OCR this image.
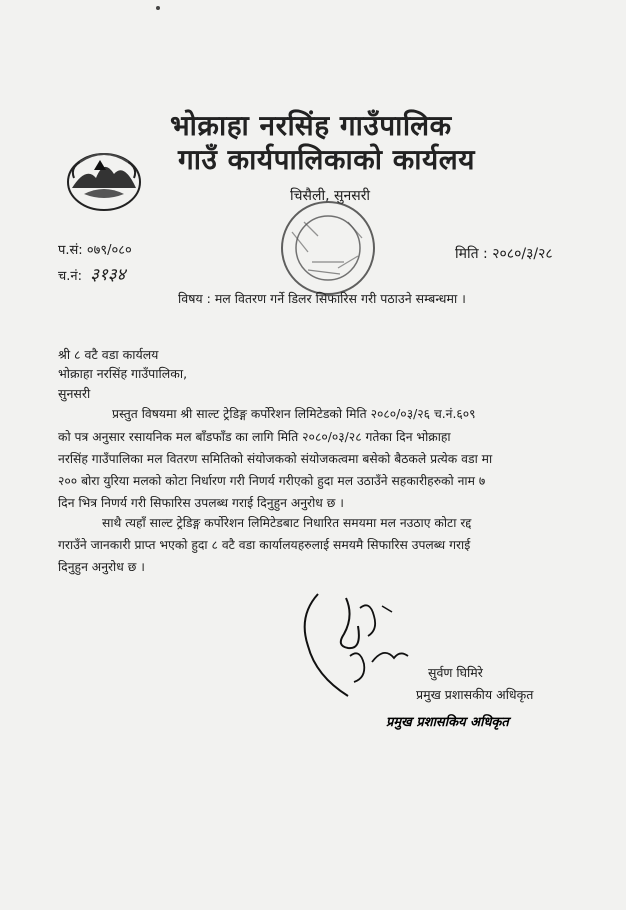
भोक्राहा नरसिंह गाउँपालिक
गाउँ कार्यपालिकाको कार्यलय
चिसैली, सुनसरी
प.सं: ०७९/०८०
च.नं: ३१३४
मिति : २०८०/३/२८
विषय : मल वितरण गर्ने डिलर सिफारिस गरी पठाउने सम्बन्धमा ।
श्री ८ वटै वडा कार्यलय
भोक्राहा नरसिंह गाउँपालिका,
सुनसरी
प्रस्तुत विषयमा श्री साल्ट ट्रेडिङ्ग कर्पोरेशन लिमिटेडको मिति २०८०/०३/२६ च.नं.६०९
को पत्र अनुसार रसायनिक मल बाँडफाँड का लागि मिति २०८०/०३/२८ गतेका दिन भोक्राहा
नरसिंह गाउँपालिका मल वितरण समितिको संयोजकको संयोजकत्वमा बसेको बैठकले प्रत्येक वडा मा
२०० बोरा युरिया मलको कोटा निर्धारण गरी निणर्य गरीएको हुदा मल उठाउँने सहकारीहरुको नाम ७
दिन भित्र निणर्य गरी सिफारिस उपलब्ध गराई दिनुहुन अनुरोध छ ।
साथै त्यहाँ साल्ट ट्रेडिङ्ग कर्पोरेशन लिमिटेडबाट निधारित समयमा मल नउठाए कोटा रद्द
गराउँने जानकारी प्राप्त भएको हुदा ८ वटै वडा कार्यालयहरुलाई समयमै सिफारिस उपलब्ध गराई
दिनुहुन अनुरोध छ ।
सुर्वण घिमिरे
प्रमुख प्रशासकीय अधिकृत
प्रमुख प्रशासकिय अधिकृत
